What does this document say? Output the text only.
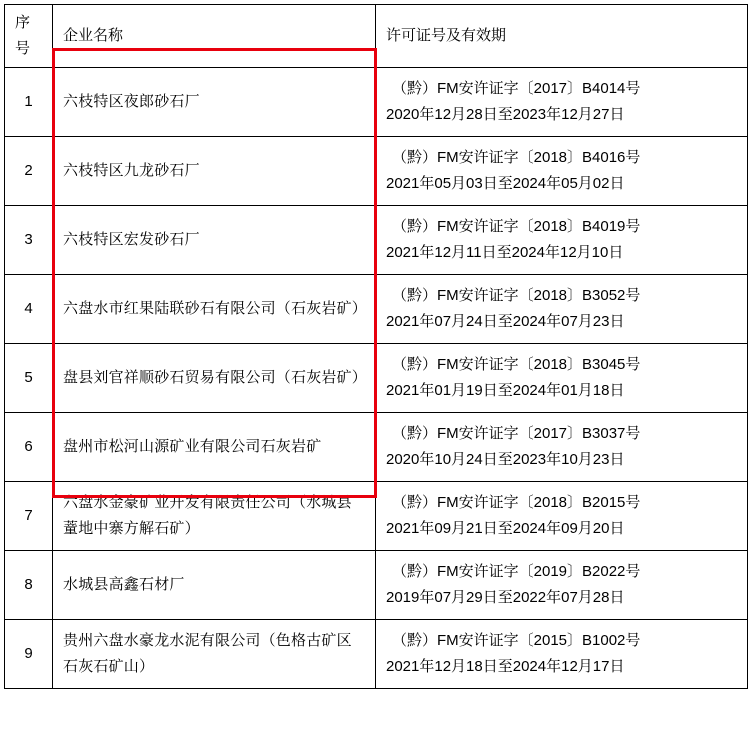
序号	企业名称	许可证号及有效期
1	六枝特区夜郎砂石厂	（黔）FM安许证字〔2017〕B4014号
2020年12月28日至2023年12月27日

2	六枝特区九龙砂石厂	（黔）FM安许证字〔2018〕B4016号
2021年05月03日至2024年05月02日

3	六枝特区宏发砂石厂	（黔）FM安许证字〔2018〕B4019号
2021年12月11日至2024年12月10日

4	六盘水市红果陆联砂石有限公司（石灰岩矿）	（黔）FM安许证字〔2018〕B3052号
2021年07月24日至2024年07月23日

5	盘县刘官祥顺砂石贸易有限公司（石灰岩矿）	（黔）FM安许证字〔2018〕B3045号
2021年01月19日至2024年01月18日

6	盘州市松河山源矿业有限公司石灰岩矿	（黔）FM安许证字〔2017〕B3037号
2020年10月24日至2023年10月23日

7	六盘水金豪矿业开发有限责任公司（水城县蕫地中寨方解石矿）	（黔）FM安许证字〔2018〕B2015号
2021年09月21日至2024年09月20日

8	水城县高鑫石材厂	（黔）FM安许证字〔2019〕B2022号
2019年07月29日至2022年07月28日

9	贵州六盘水豪龙水泥有限公司（色格古矿区石灰石矿山）	（黔）FM安许证字〔2015〕B1002号
2021年12月18日至2024年12月17日
